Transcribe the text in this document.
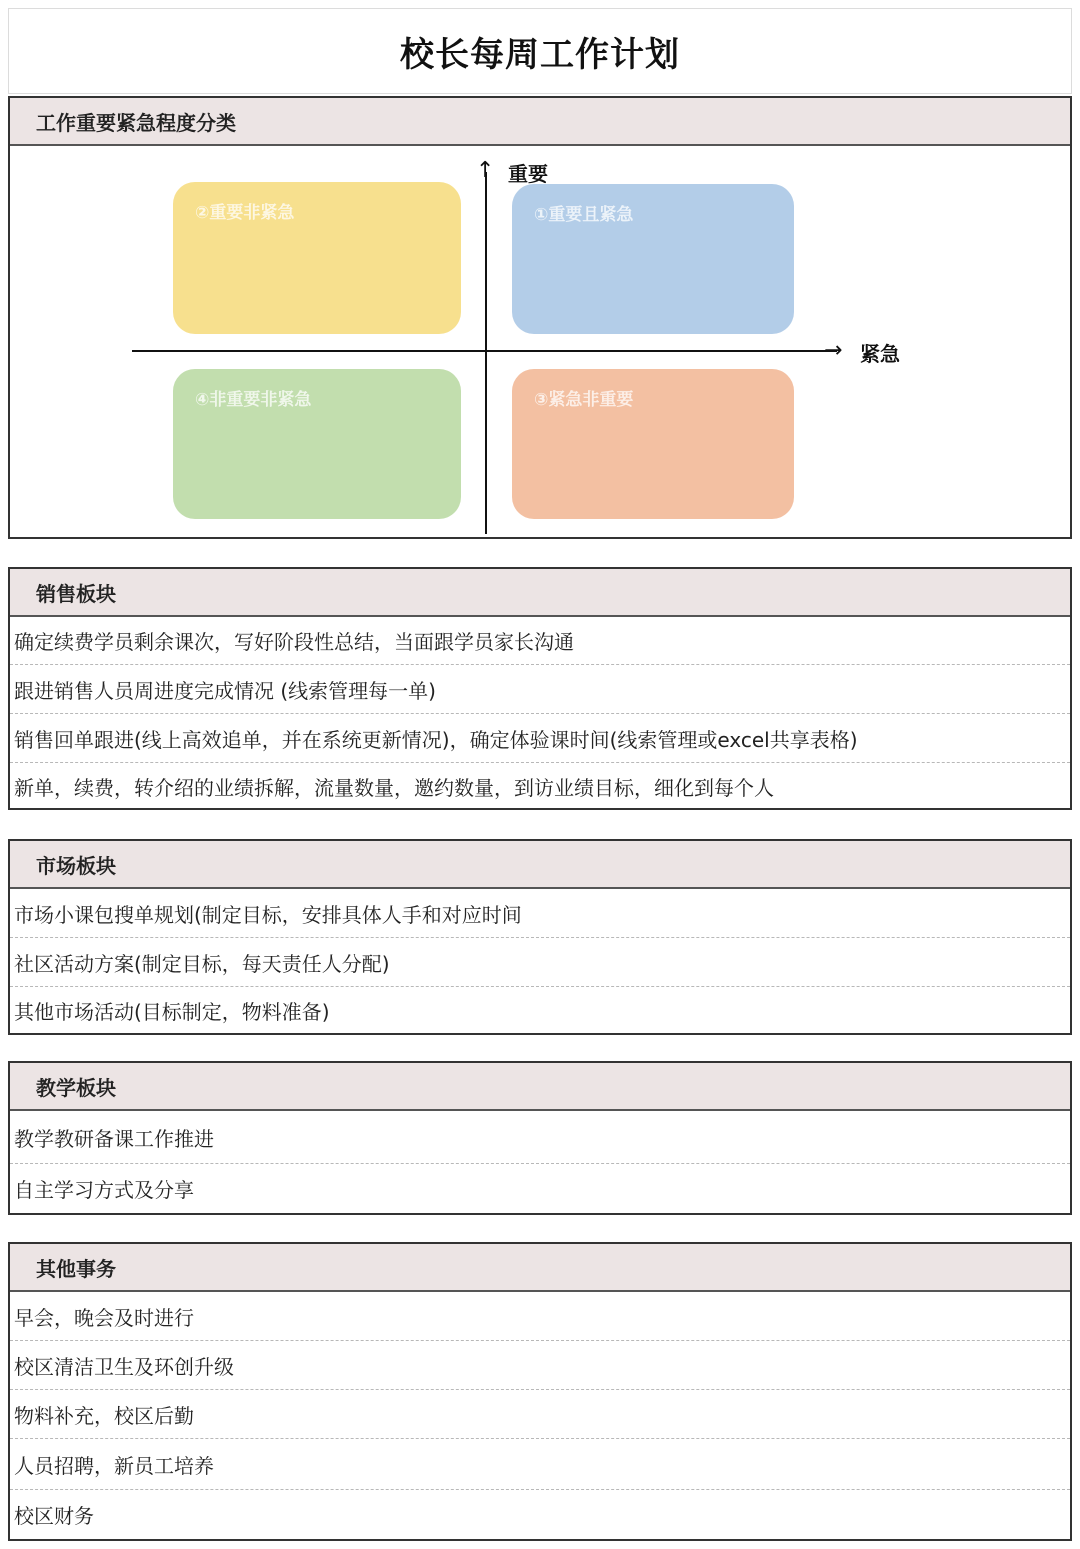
校长每周工作计划
工作重要紧急程度分类
②重要非紧急	①重要且紧急
④非重要非紧急	③紧急非重要
↑
→
重要
紧急
销售板块
确定续费学员剩余课次，写好阶段性总结，当面跟学员家长沟通
跟进销售人员周进度完成情况 (线索管理每一单)
销售回单跟进(线上高效追单，并在系统更新情况)，确定体验课时间(线索管理或excel共享表格)
新单，续费，转介绍的业绩拆解，流量数量，邀约数量，到访业绩目标，细化到每个人
市场板块
市场小课包搜单规划(制定目标，安排具体人手和对应时间
社区活动方案(制定目标，每天责任人分配)
其他市场活动(目标制定，物料准备)
教学板块
教学教研备课工作推进
自主学习方式及分享
其他事务
早会，晚会及时进行
校区清洁卫生及环创升级
物料补充，校区后勤
人员招聘，新员工培养
校区财务
